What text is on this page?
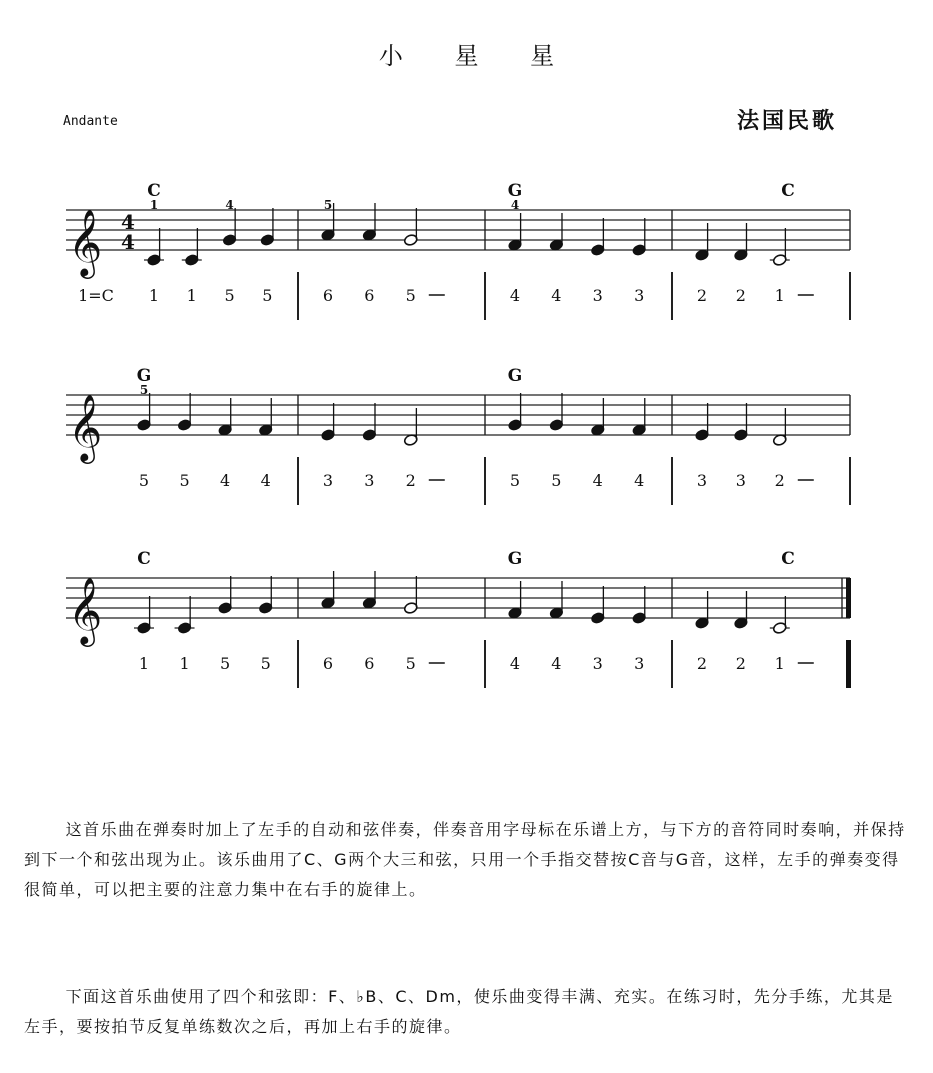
小 星 星
Andante	法国民歌
𝄞 4
4
1=C 1 1 5 5	6 6 5	4 4 3 3	2 2 1
C	G	C
1	4	5	4
𝄞
5 5 4 4	3 3 2	5 5 4 4	3 3 2
G	G
5
𝄞
1 1 5 5	6 6 5	4 4 3 3	2 2 1
C	G	C

这首乐曲在弹奏时加上了左手的自动和弦伴奏，伴奏音用字母标在乐谱上方，与下方的音符同时奏响，并保持到下一个和弦出现为止。该乐曲用了C、G两个大三和弦，只用一个手指交替按C音与G音，这样，左手的弹奏变得很简单，可以把主要的注意力集中在右手的旋律上。

下面这首乐曲使用了四个和弦即：F、♭B、C、Dm，使乐曲变得丰满、充实。在练习时，先分手练，尤其是左手，要按拍节反复单练数次之后，再加上右手的旋律。
